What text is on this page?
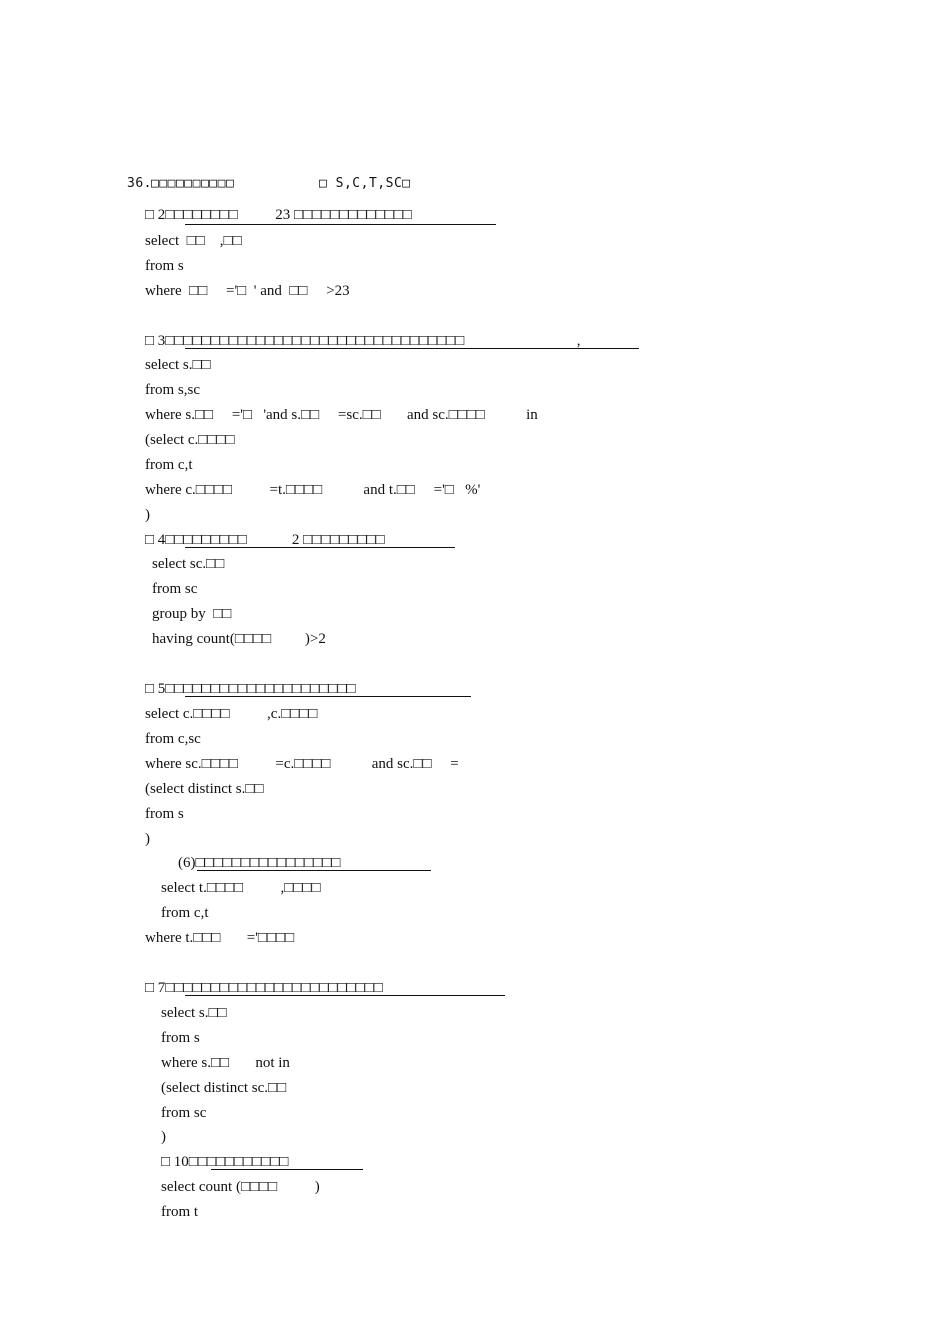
36. □□□□□□□□□□	□ S,C,T,SC□
□ 2□□□□□□□□          23 □□□□□□□□□□□□□
select  □□    ,□□
from s
where  □□     ='□  ' and  □□     >23
□ 3□□□□□□□□□□□□□□□□□□□□□□□□□□□□□□□□□                              ,
select s.□□
from s,sc
where s.□□     ='□   'and s.□□     =sc.□□       and sc.□□□□           in
(select c.□□□□
from c,t
where c.□□□□          =t.□□□□           and t.□□     ='□   %'
)
□ 4□□□□□□□□□            2 □□□□□□□□□
select sc.□□
from sc
group by  □□
having count(□□□□         )>2
□ 5□□□□□□□□□□□□□□□□□□□□□
select c.□□□□          ,c.□□□□
from c,sc
where sc.□□□□          =c.□□□□           and sc.□□     =
(select distinct s.□□
from s
)
(6)□□□□□□□□□□□□□□□□
select t.□□□□          ,□□□□
from c,t
where t.□□□       ='□□□□
□ 7□□□□□□□□□□□□□□□□□□□□□□□□
select s.□□
from s
where s.□□       not in
(select distinct sc.□□
from sc
)
□ 10□□□□□□□□□□□
select count (□□□□          )
from t
